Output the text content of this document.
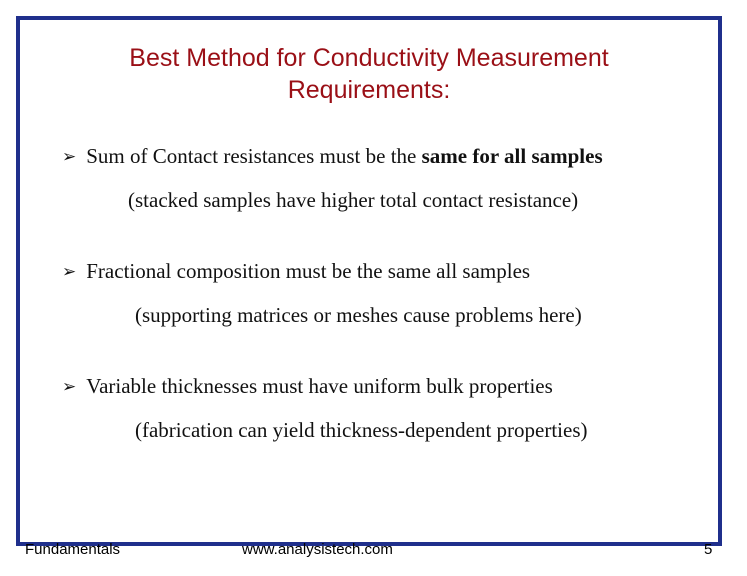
Best Method for Conductivity Measurement
Requirements:
➢ Sum of Contact resistances must be the same for all samples
(stacked samples have higher total contact resistance)
➢ Fractional composition must be the same all samples
(supporting matrices or meshes cause problems here)
➢ Variable thicknesses must have uniform bulk properties
(fabrication can yield thickness-dependent properties)
Fundamentals	www.analysistech.com	5
